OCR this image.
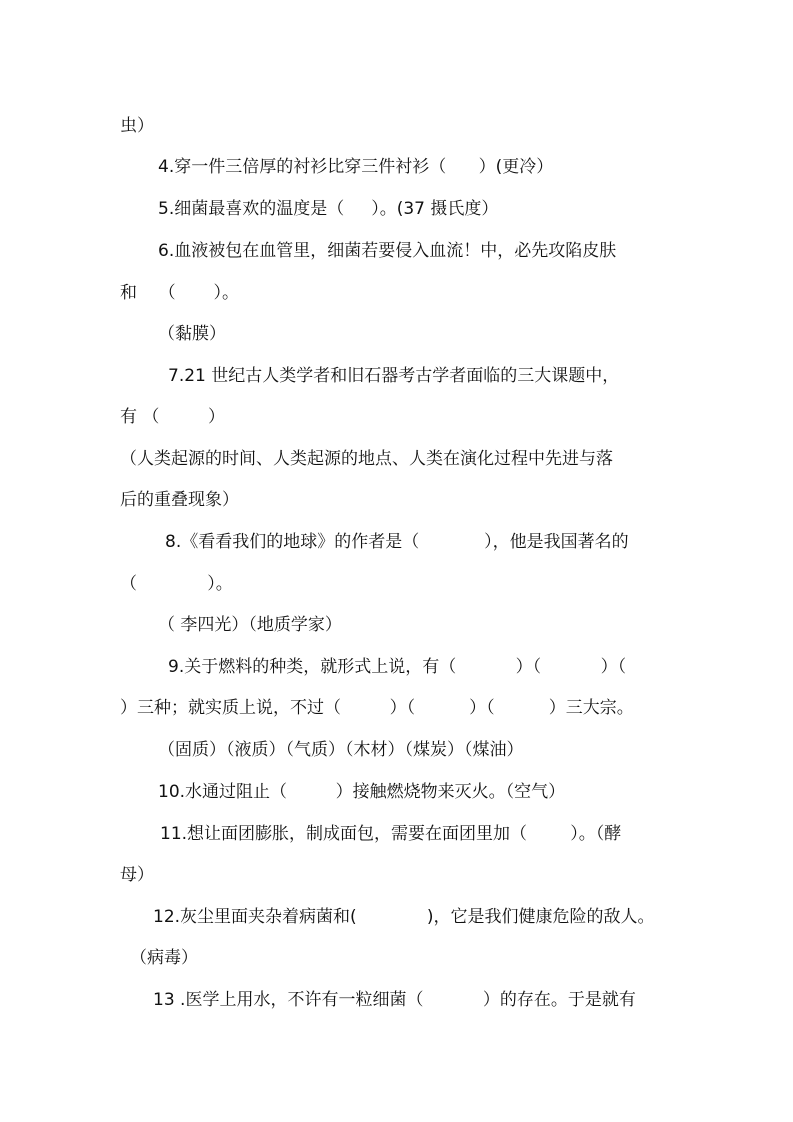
虫）
4.穿一件三倍厚的衬衫比穿三件衬衫（      ）(更冷）
5.细菌最喜欢的温度是（     ）。(37 摄氏度）
6.血液被包在血管里，细菌若要侵入血流！中，必先攻陷皮肤
和    （       ）。
（黏膜）
7.21 世纪古人类学者和旧石器考古学者面临的三大课题中，
有 （         ）
（人类起源的时间、人类起源的地点、人类在演化过程中先进与落
后的重叠现象）
8.《看看我们的地球》的作者是（            ），他是我国著名的
（             ）。
（ 李四光）（地质学家）
9.关于燃料的种类，就形式上说，有（           ）（           ）（
）三种；就实质上说，不过（         ）（          ）（          ）三大宗。
（固质）（液质）（气质）（木材）（煤炭）（煤油）
10.水通过阻止（         ）接触燃烧物来灭火。（空气）
11.想让面团膨胀，制成面包，需要在面团里加（        ）。（酵
母）
12.灰尘里面夹杂着病菌和(             )，它是我们健康危险的敌人。
（病毒）
13 .医学上用水，不许有一粒细菌（           ）的存在。于是就有
